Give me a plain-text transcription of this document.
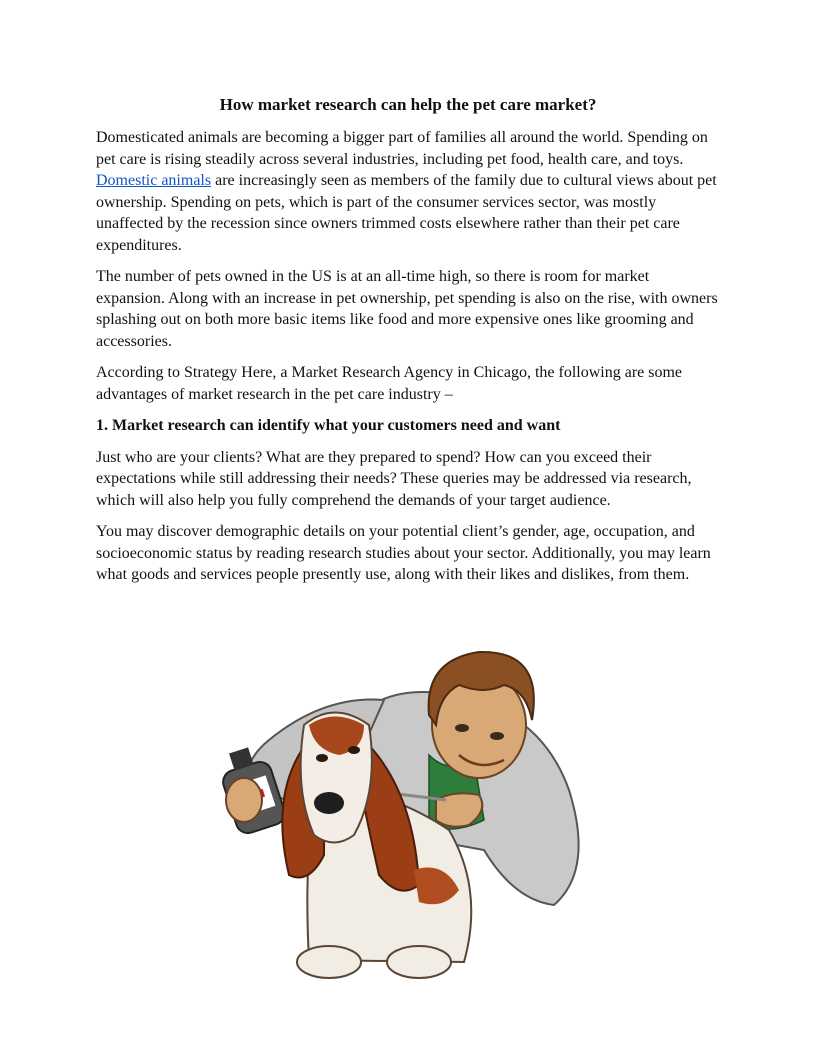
How market research can help the pet care market?

Domesticated animals are becoming a bigger part of families all around the world. Spending on pet care is rising steadily across several industries, including pet food, health care, and toys. Domestic animals are increasingly seen as members of the family due to cultural views about pet ownership. Spending on pets, which is part of the consumer services sector, was mostly unaffected by the recession since owners trimmed costs elsewhere rather than their pet care expenditures.

The number of pets owned in the US is at an all-time high, so there is room for market expansion. Along with an increase in pet ownership, pet spending is also on the rise, with owners splashing out on both more basic items like food and more expensive ones like grooming and accessories.

According to Strategy Here, a Market Research Agency in Chicago, the following are some advantages of market research in the pet care industry –

1. Market research can identify what your customers need and want

Just who are your clients? What are they prepared to spend? How can you exceed their expectations while still addressing their needs? These queries may be addressed via research, which will also help you fully comprehend the demands of your target audience.

You may discover demographic details on your potential client’s gender, age, occupation, and socioeconomic status by reading research studies about your sector. Additionally, you may learn what goods and services people presently use, along with their likes and dislikes, from them.
